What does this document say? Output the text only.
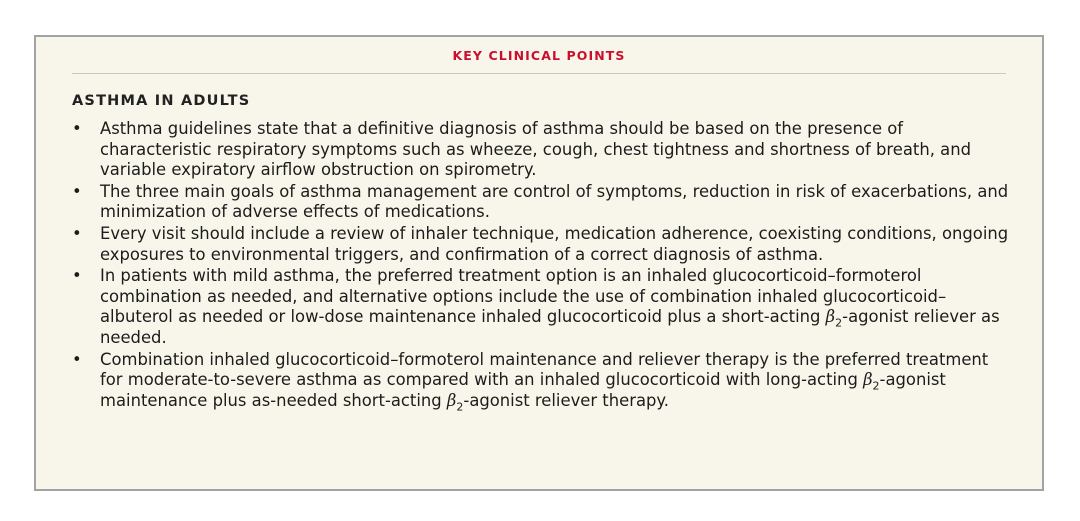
KEY CLINICAL POINTS
ASTHMA IN ADULTS
• Asthma guidelines state that a definitive diagnosis of asthma should be based on the presence of characteristic respiratory symptoms such as wheeze, cough, chest tightness and shortness of breath, and variable expiratory airflow obstruction on spirometry.
• The three main goals of asthma management are control of symptoms, reduction in risk of exacerbations, and minimization of adverse effects of medications.
• Every visit should include a review of inhaler technique, medication adherence, coexisting conditions, ongoing exposures to environmental triggers, and confirmation of a correct diagnosis of asthma.
• In patients with mild asthma, the preferred treatment option is an inhaled glucocorticoid–formoterol combination as needed, and alternative options include the use of combination inhaled glucocorticoid–albuterol as needed or low-dose maintenance inhaled glucocorticoid plus a short-acting $\beta_2$-agonist reliever as needed.
• Combination inhaled glucocorticoid–formoterol maintenance and reliever therapy is the preferred treatment for moderate-to-severe asthma as compared with an inhaled glucocorticoid with long-acting $\beta_2$-agonist maintenance plus as-needed short-acting $\beta_2$-agonist reliever therapy.
